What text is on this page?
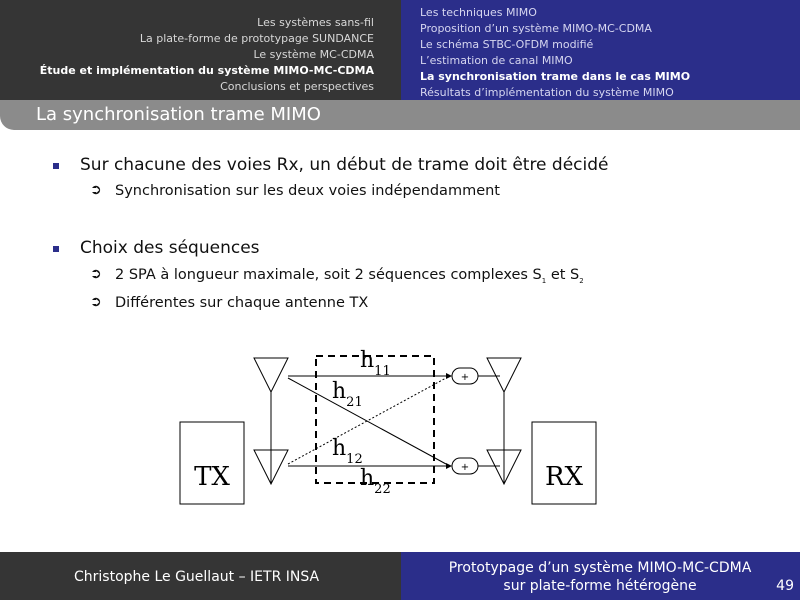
Les systèmes sans-fil
La plate-forme de prototypage SUNDANCE
Le système MC-CDMA
Étude et implémentation du système MIMO-MC-CDMA
Conclusions et perspectives
Les techniques MIMO
Proposition d’un système MIMO-MC-CDMA
Le schéma STBC-OFDM modifié
L’estimation de canal MIMO
La synchronisation trame dans le cas MIMO
Résultats d’implémentation du système MIMO
La synchronisation trame MIMO
Sur chacune des voies Rx, un début de trame doit être décidé
➲ Synchronisation sur les deux voies indépendamment
Choix des séquences
➲ 2 SPA à longueur maximale, soit 2 séquences complexes $S_1$ et $S_2$
➲ Différentes sur chaque antenne TX
TX	RX
+
+
$h_{11}$
$h_{21}$
$h_{12}$
$h_{22}$
Christophe Le Guellaut – IETR INSA
Prototypage d’un système MIMO-MC-CDMA
sur plate-forme hétérogène	49
